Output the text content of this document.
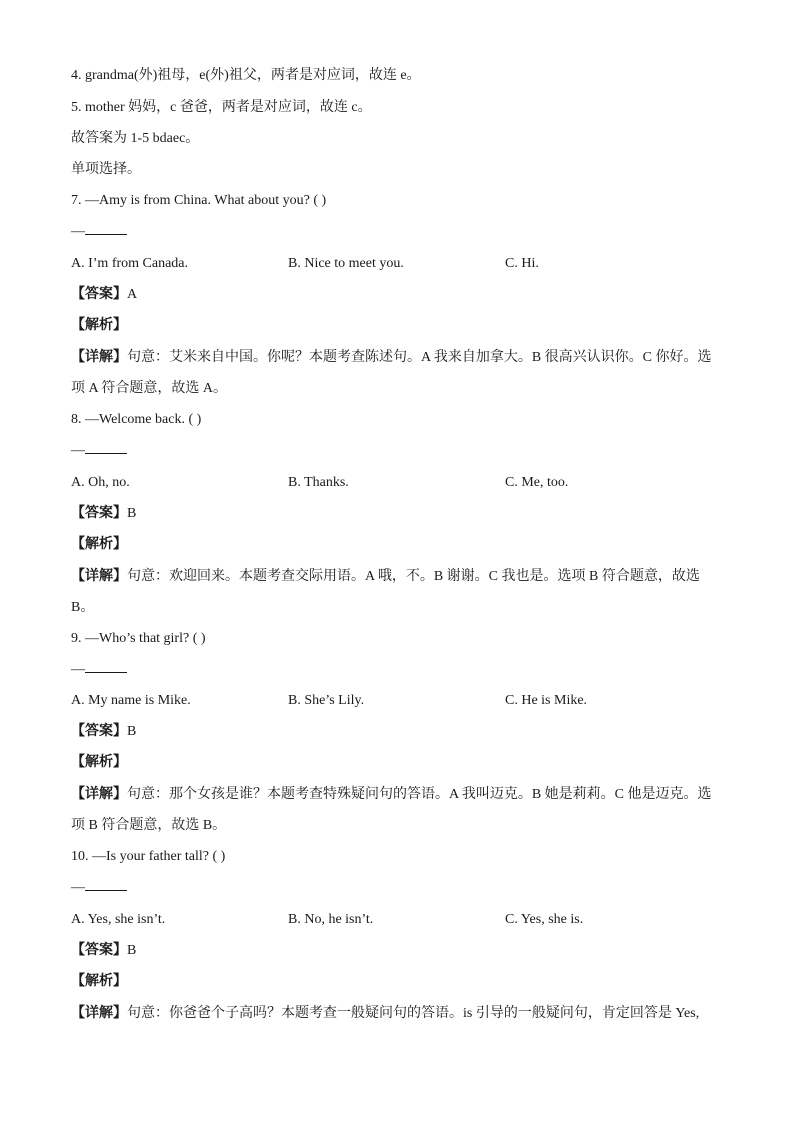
4. grandma(外)祖母，e(外)祖父，两者是对应词，故连 e。
5. mother 妈妈，c 爸爸，两者是对应词，故连 c。
故答案为 1-5 bdaec。
单项选择。
7. —Amy is from China. What about you? ( )
—
A. I’m from Canada.	B. Nice to meet you.	C. Hi.
【答案】A
【解析】
【详解】句意：艾米来自中国。你呢？本题考查陈述句。A 我来自加拿大。B 很高兴认识你。C 你好。选项 A 符合题意，故选 A。
8. —Welcome back. ( )
—
A. Oh, no.	B. Thanks.	C. Me, too.
【答案】B
【解析】
【详解】句意：欢迎回来。本题考查交际用语。A 哦，不。B 谢谢。C 我也是。选项 B 符合题意，故选 B。
9. —Who’s that girl? ( )
—
A. My name is Mike.	B. She’s Lily.	C. He is Mike.
【答案】B
【解析】
【详解】句意：那个女孩是谁？本题考查特殊疑问句的答语。A 我叫迈克。B 她是莉莉。C 他是迈克。选项 B 符合题意，故选 B。
10. —Is your father tall? ( )
—
A. Yes, she isn’t.	B. No, he isn’t.	C. Yes, she is.
【答案】B
【解析】
【详解】句意：你爸爸个子高吗？本题考查一般疑问句的答语。is 引导的一般疑问句，肯定回答是 Yes,
